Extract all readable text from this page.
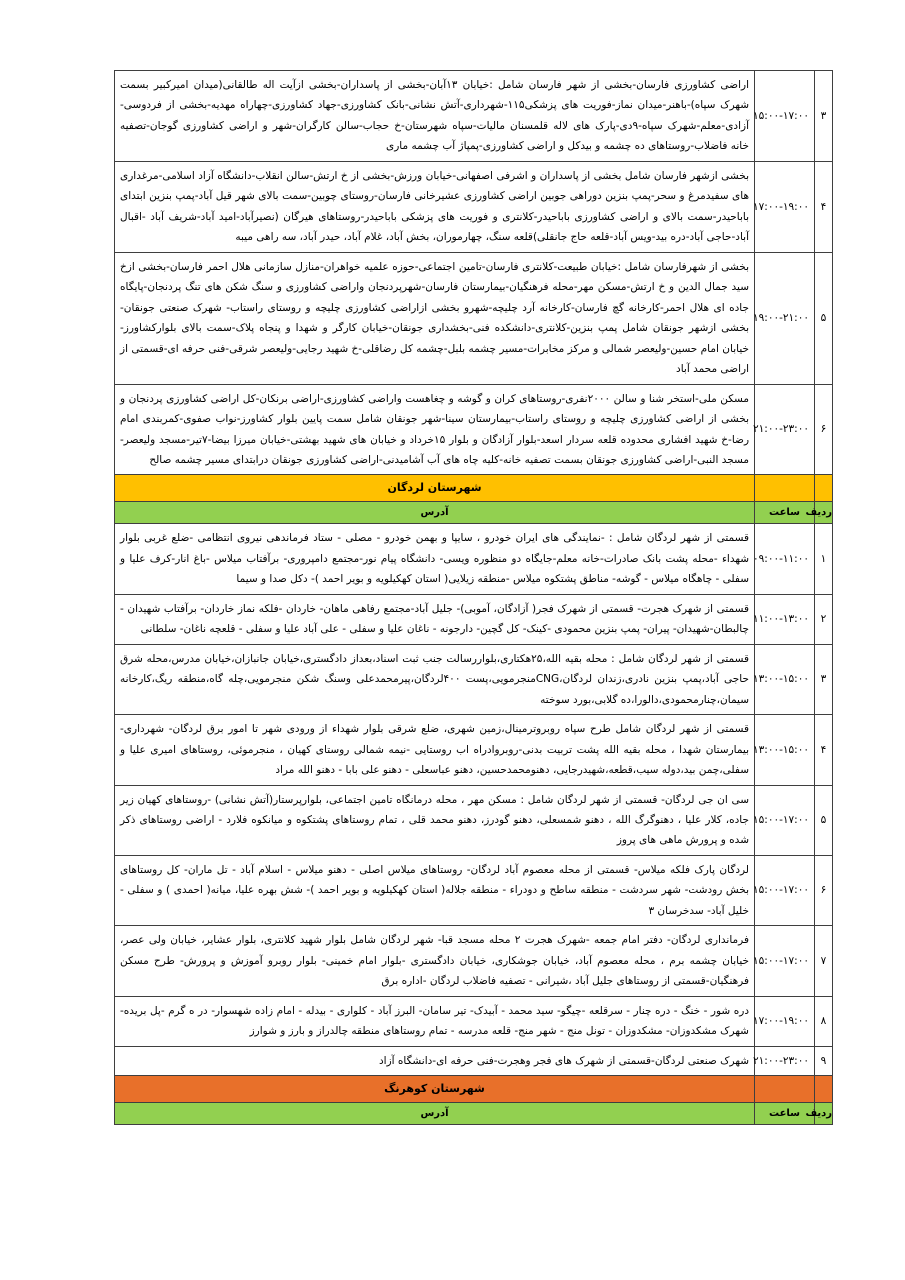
۳	۱۵:۰۰-۱۷:۰۰	اراضی کشاورزی فارسان-بخشی از شهر فارسان شامل :خیابان ۱۳آبان-بخشی از پاسداران-بخشی ازآیت اله طالقانی(میدان امیرکبیر بسمت شهرک سپاه)-باهنر-میدان نماز-فوریت های پزشکی۱۱۵-شهرداری-آتش نشانی-بانک کشاورزی-جهاد کشاورزی-چهاراه مهدیه-بخشی از فردوسی-آزادی-معلم-شهرک سپاه-۹دی-پارک های لاله قلمسنان مالیات-سپاه شهرستان-خ حجاب-سالن کارگران-شهر و اراضی کشاورزی گوجان-تصفیه خانه فاضلاب-روستاهای ده چشمه و بیدکل و اراضی کشاورزی-پمپاژ آب چشمه ماری
۴	۱۷:۰۰-۱۹:۰۰	بخشی ازشهر فارسان شامل بخشی از پاسداران و اشرفی اصفهانی-خیابان ورزش-بخشی از خ ارتش-سالن انقلاب-دانشگاه آزاد اسلامی-مرغداری های سفیدمرغ و سحر-پمپ بنزین دوراهی جوبین اراضی کشاورزی عشیرخانی فارسان-روستای چوبین-سمت بالای شهر قیل آباد-پمپ بنزین ابتدای باباحیدر-سمت بالای و اراضی کشاورزی باباحیدر-کلانتری و فوریت های پزشکی باباحیدر-روستاهای هیرگان (نصیرآباد-امید آباد-شریف آباد -اقبال آباد-حاجی آباد-دره بید-ویس آباد-قلعه حاج جانقلی)قلعه سنگ، چهارموران، بخش آباد، غلام آباد، حیدر آباد، سه راهی میبه
۵	۱۹:۰۰-۲۱:۰۰	بخشی از شهرفارسان شامل :خیابان طبیعت-کلانتری فارسان-تامین اجتماعی-حوزه علمیه خواهران-منازل سازمانی هلال احمر فارسان-بخشی ازخ سید جمال الدین و خ ارتش-مسکن مهر-محله فرهنگیان-بیمارستان فارسان-شهرپردنجان واراضی کشاورزی و سنگ شکن های تنگ پردنجان-پایگاه جاده ای هلال احمر-کارخانه گچ فارسان-کارخانه آرد چلیچه-شهرو بخشی ازاراضی کشاورزی چلیچه و روستای راستاب- شهرک صنعتی جونقان-بخشی ازشهر جونقان شامل پمپ بنزین-کلانتری-دانشکده فنی-بخشداری جونقان-خیابان کارگر و شهدا و پنجاه پلاک-سمت بالای بلوارکشاورز-خیابان امام حسین-ولیعصر شمالی و مرکز مخابرات-مسیر چشمه بلبل-چشمه کل رضاقلی-خ شهید رجایی-ولیعصر شرقی-فنی حرفه ای-قسمتی از اراضی محمد آباد
۶	۲۱:۰۰-۲۳:۰۰	مسکن ملی-استخر شنا و سالن ۲۰۰۰نفری-روستاهای کران و گوشه و چغاهست واراضی کشاورزی-اراضی برنکان-کل اراضی کشاورزی پردنجان و بخشی از اراضی کشاورزی چلیچه و روستای راستاب-بیمارستان سینا-شهر جونقان شامل سمت پایین بلوار کشاورز-نواب صفوی-کمربندی امام رضا-خ شهید افشاری محدوده قلعه سردار اسعد-بلوار آزادگان و بلوار ۱۵خرداد و خیابان های شهید بهشتی-خیابان میرزا بیضا-۷تیر-مسجد ولیعصر-مسجد النبی-اراضی کشاورزی جونقان بسمت تصفیه خانه-کلیه چاه های آب آشامیدنی-اراضی کشاورزی جونقان درابتدای مسیر چشمه صالح
		شهرستان لردگان
ردیف	ساعت	آدرس
۱	۰۹:۰۰-۱۱:۰۰	قسمتی از شهر لردگان شامل : -نمایندگی های ایران خودرو ، سایپا و بهمن خودرو - مصلی - ستاد فرماندهی نیروی انتظامی -ضلع غربی بلوار شهداء -محله پشت بانک صادرات-خانه معلم-جایگاه دو منظوره ویسی- دانشگاه پیام نور-مجتمع دامپروری- برآفتاب میلاس -باغ انار-کرف علیا و سفلی - چاهگاه میلاس - گوشه- مناطق پشتکوه میلاس -منطقه زیلایی( استان کهکیلویه و بویر احمد )- دکل صدا و سیما
۲	۱۱:۰۰-۱۳:۰۰	قسمتی از شهرک هجرت- قسمتی از شهرک فجر( آزادگان، آموبی)- جلیل آباد-مجتمع رفاهی ماهان- خاردان -فلکه نماز خاردان- برآفتاب شهیدان - چالبطان-شهیدان- پیران- پمپ بنزین محمودی -کینک- کل گچین- دارجونه - ناغان علیا و سفلی - علی آباد علیا و سفلی - قلعچه ناغان- سلطانی
۳	۱۳:۰۰-۱۵:۰۰	قسمتی از شهر لردگان شامل : محله بقیه الله،۲۵هکتاری،بلواررسالت جنب ثبت اسناد،بعداز دادگستری،خیابان جانبازان،خیابان مدرس،محله شرق حاجی آباد،پمپ بنزین نادری،زندان لردگان،CNGمنجرمویی،پست ۴۰۰لردگان،پیرمحمدعلی وسنگ شکن منجرمویی،چله گاه،منطقه ریگ،کارخانه سیمان،چنارمحمودی،دالورا،ده گلابی،بورد سوخته
۴	۱۳:۰۰-۱۵:۰۰	قسمتی از شهر لردگان شامل طرح سپاه روبروترمینال،زمین شهری، ضلع شرقی بلوار شهداء از ورودی شهر تا امور برق لردگان- شهرداری- بیمارستان شهدا ، محله بقیه الله پشت تربیت بدنی-روبروادراه اب روستایی -نیمه شمالی روستای کهیان ، منجرموئی، روستاهای امیری علیا و سفلی،چمن بید،دوله سیب،قطعه،شهیدرجایی، دهنومحمدحسین، دهنو عباسعلی - دهنو علی بابا - دهنو الله مراد
۵	۱۵:۰۰-۱۷:۰۰	سی ان جی لردگان- قسمتی از شهر لردگان شامل : مسکن مهر ، محله درمانگاه تامین اجتماعی، بلوارپرستار(آتش نشانی) -روستاهای کهیان زیر جاده، کلار علیا ، دهنوگرگ الله ، دهنو شمسعلی، دهنو گودرز، دهنو محمد قلی ، تمام روستاهای پشتکوه و میانکوه فلارد - اراضی روستاهای ذکر شده و پرورش ماهی های پروز
۶	۱۵:۰۰-۱۷:۰۰	لردگان پارک فلکه میلاس- قسمتی از محله معصوم آباد لردگان- روستاهای میلاس اصلی - دهنو میلاس - اسلام آباد - تل ماران- کل روستاهای بخش رودشت- شهر سردشت - منطقه ساطح و دودراء - منطقه جلاله( استان کهکیلویه و بویر احمد )- شش بهره علیا، میانه( احمدی ) و سفلی - خلیل آباد- سدخرسان ۳
۷	۱۵:۰۰-۱۷:۰۰	فرمانداری لردگان- دفتر امام جمعه -شهرک هجرت ۲ محله مسجد قبا- شهر لردگان شامل بلوار شهید کلانتری، بلوار عشایر، خیابان ولی عصر، خیابان چشمه برم ، محله معصوم آباد، خیابان جوشکاری، خیابان دادگستری -بلوار امام خمینی- بلوار روبرو آموزش و پرورش- طرح مسکن فرهنگیان-قسمتی از روستاهای جلیل آباد ،شیرانی - تصفیه فاضلاب لردگان -اداره برق
۸	۱۷:۰۰-۱۹:۰۰	دره شور - خنگ - دره چنار - سرقلعه -چیگو- سید محمد - آبیدک- تیر سامان- البرز آباد - کلواری - بیدله - امام زاده شهسوار- در ه گرم -پل بریده- شهرک مشکدوزان- مشکدوزان - تونل منج - شهر منج- قلعه مدرسه - تمام روستاهای منطقه چالدراز و بارز و شوارز
۹	۲۱:۰۰-۲۳:۰۰	شهرک صنعتی لردگان-قسمتی از شهرک های فجر وهجرت-فنی حرفه ای-دانشگاه آزاد
		شهرستان کوهرنگ
ردیف	ساعت	آدرس
